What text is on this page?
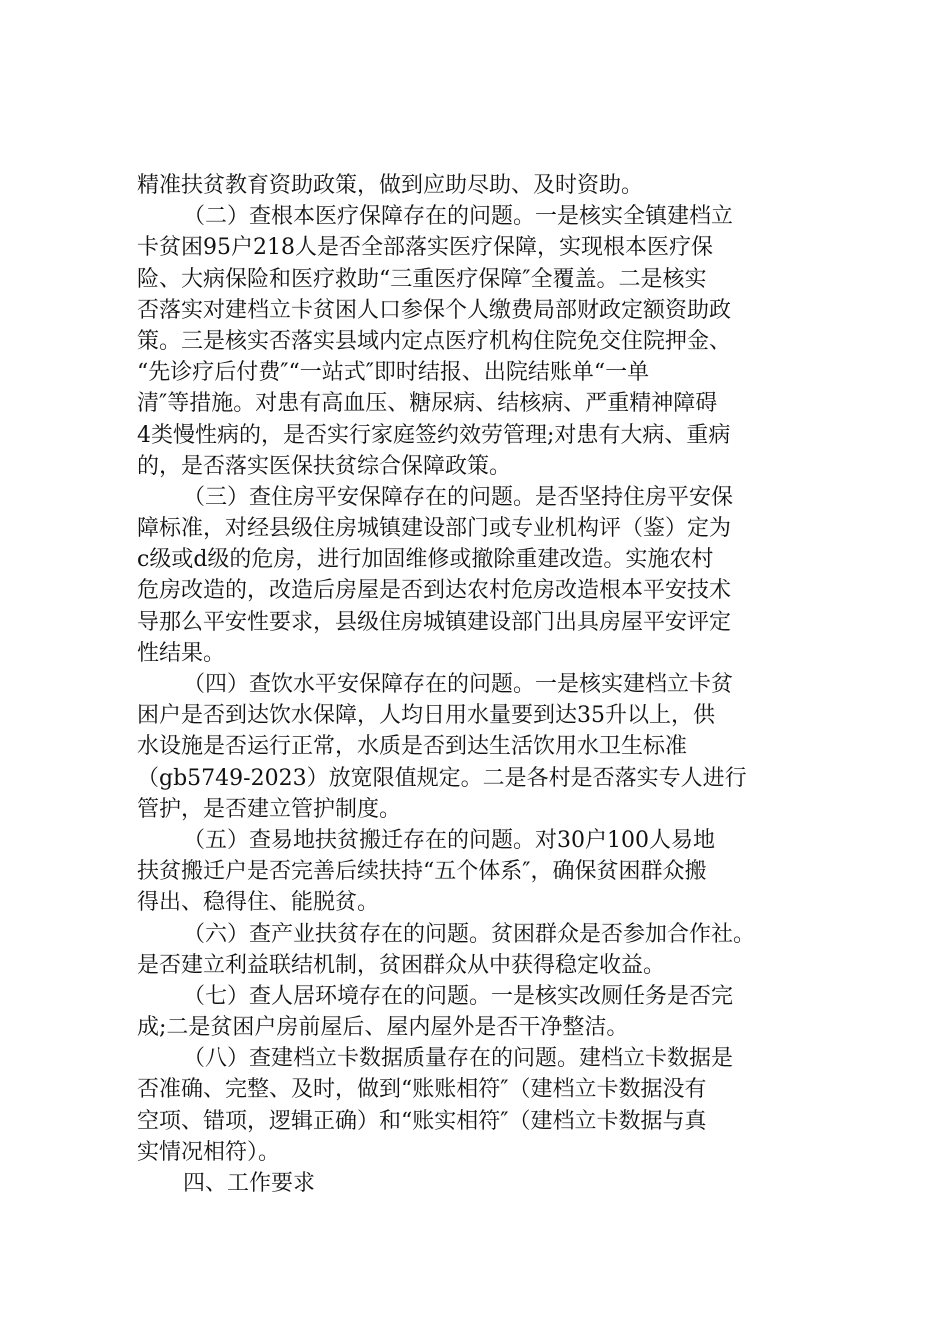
精准扶贫教育资助政策，做到应助尽助、及时资助。
（二）查根本医疗保障存在的问题。一是核实全镇建档立
卡贫困95户218人是否全部落实医疗保障，实现根本医疗保
险、大病保险和医疗救助“三重医疗保障″全覆盖。二是核实
否落实对建档立卡贫困人口参保个人缴费局部财政定额资助政
策。三是核实否落实县域内定点医疗机构住院免交住院押金、
“先诊疗后付费″“一站式″即时结报、出院结账单“一单
清″等措施。对患有高血压、糖尿病、结核病、严重精神障碍
4类慢性病的，是否实行家庭签约效劳管理;对患有大病、重病
的，是否落实医保扶贫综合保障政策。
（三）查住房平安保障存在的问题。是否坚持住房平安保
障标准，对经县级住房城镇建设部门或专业机构评（鉴）定为
c级或d级的危房，进行加固维修或撤除重建改造。实施农村
危房改造的，改造后房屋是否到达农村危房改造根本平安技术
导那么平安性要求，县级住房城镇建设部门出具房屋平安评定
性结果。
（四）查饮水平安保障存在的问题。一是核实建档立卡贫
困户是否到达饮水保障，人均日用水量要到达35升以上，供
水设施是否运行正常，水质是否到达生活饮用水卫生标准
（gb5749-2023）放宽限值规定。二是各村是否落实专人进行
管护，是否建立管护制度。
（五）查易地扶贫搬迁存在的问题。对30户100人易地
扶贫搬迁户是否完善后续扶持“五个体系″，确保贫困群众搬
得出、稳得住、能脱贫。
（六）查产业扶贫存在的问题。贫困群众是否参加合作社。
是否建立利益联结机制，贫困群众从中获得稳定收益。
（七）查人居环境存在的问题。一是核实改厕任务是否完
成;二是贫困户房前屋后、屋内屋外是否干净整洁。
（八）查建档立卡数据质量存在的问题。建档立卡数据是
否准确、完整、及时，做到“账账相符″（建档立卡数据没有
空项、错项，逻辑正确）和“账实相符″（建档立卡数据与真
实情况相符）。
四、工作要求
